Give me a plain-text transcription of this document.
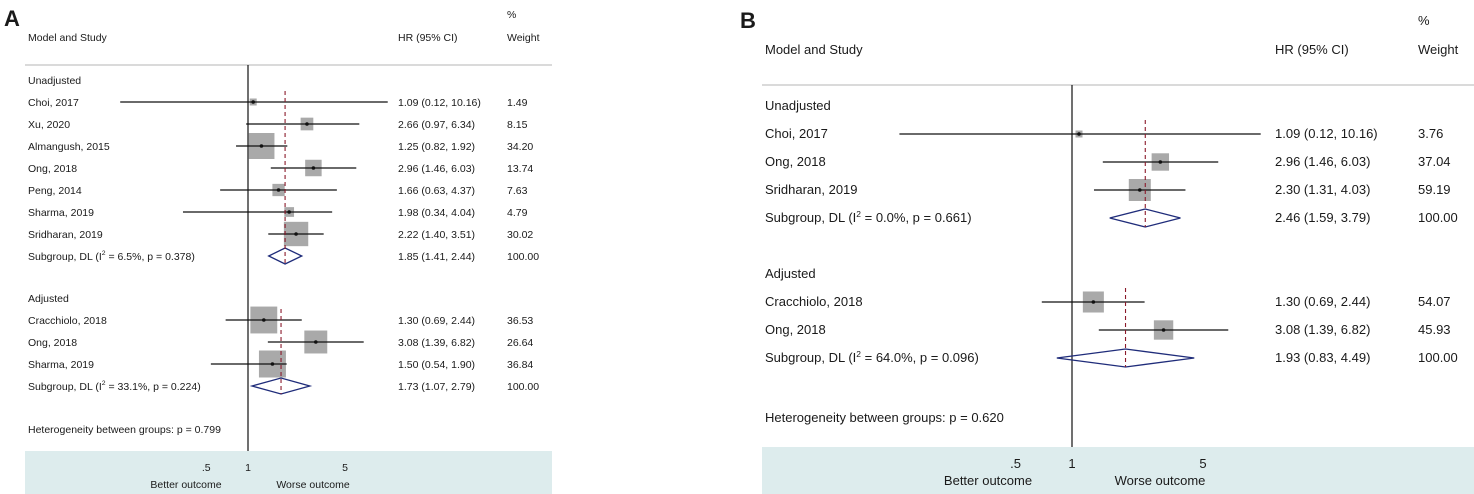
A	B
Model and Study	HR (95% CI)
%
Weight
.5	1	5
Better outcome	Worse outcome
Unadjusted
Choi, 2017	1.09 (0.12, 10.16) 1.49
Xu, 2020	2.66 (0.97, 6.34)	8.15
Almangush, 2015	1.25 (0.82, 1.92)	34.20
Ong, 2018	2.96 (1.46, 6.03)	13.74
Peng, 2014	1.66 (0.63, 4.37)	7.63
Sharma, 2019	1.98 (0.34, 4.04)	4.79
Sridharan, 2019	2.22 (1.40, 3.51)	30.02
Subgroup, DL ($I^2 = 6.5\%$, p = 0.378)	1.85 (1.41, 2.44)	100.00
Adjusted
Cracchiolo, 2018	1.30 (0.69, 2.44)	36.53
Ong, 2018	3.08 (1.39, 6.82)	26.64
Sharma, 2019	1.50 (0.54, 1.90)	36.84
Subgroup, DL ($I^2 = 33.1\%$, p = 0.224)	1.73 (1.07, 2.79)	100.00
Heterogeneity between groups: p = 0.799
Model and Study	HR (95% CI)
%
Weight
.5	1	5
Better outcome	Worse outcome
Unadjusted
Choi, 2017	1.09 (0.12, 10.16)	3.76
Ong, 2018	2.96 (1.46, 6.03)	37.04
Sridharan, 2019	2.30 (1.31, 4.03)	59.19
Subgroup, DL ($I^2 = 0.0\%$, p = 0.661)	2.46 (1.59, 3.79)	100.00
Adjusted
Cracchiolo, 2018	1.30 (0.69, 2.44)	54.07
Ong, 2018	3.08 (1.39, 6.82)	45.93
Subgroup, DL ($I^2 = 64.0\%$, p = 0.096)	1.93 (0.83, 4.49)	100.00
Heterogeneity between groups: p = 0.620
